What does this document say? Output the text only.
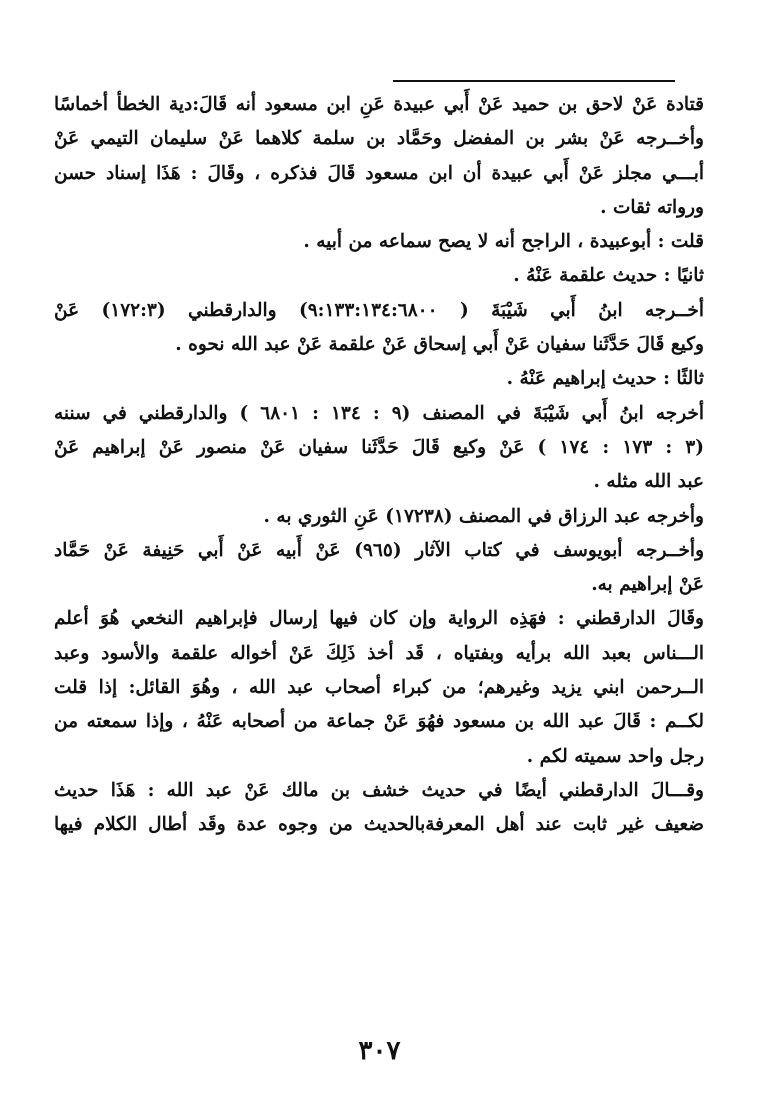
قتادة عَنْ لاحق بن حميد عَنْ أَبي عبيدة عَنِ ابن مسعود أنه قَالَ:دية الخطأ أخماسًا
وأخــرجه عَنْ بشر بن المفضل وحَمَّاد بن سلمة كلاهما عَنْ سليمان التيمي عَنْ
أبـــي مجلز عَنْ أَبي عبيدة أن ابن مسعود قَالَ فذكره ، وقَالَ : هَذَا إسناد حسن
ورواته ثقات .
قلت : أبوعبيدة ، الراجح أنه لا يصح سماعه من أبيه .
ثانيًا : حديث علقمة عَنْهُ .
أخــرجه ابنُ أَبي شَيْبَةَ ( ٩:١٣٣:١٣٤:٦٨٠٠) والدارقطني (١٧٢:٣) عَنْ
وكيع قَالَ حَدَّثَنا سفيان عَنْ أَبي إسحاق عَنْ علقمة عَنْ عبد الله نحوه .
ثالثًا : حديث إبراهيم عَنْهُ .
أخرجه ابنُ أَبي شَيْبَةَ في المصنف (٩ : ١٣٤ : ٦٨٠١ ) والدارقطني في سننه
(٣ : ١٧٣ : ١٧٤ ) عَنْ وكيع قَالَ حَدَّثَنا سفيان عَنْ منصور عَنْ إبراهيم عَنْ
عبد الله مثله .
وأخرجه عبد الرزاق في المصنف (١٧٢٣٨) عَنِ الثوري به .
وأخــرجه أبويوسف في كتاب الآثار (٩٦٥) عَنْ أَبيه عَنْ أَبي حَنِيفة عَنْ حَمَّاد
عَنْ إبراهيم به.
وقَالَ الدارقطني : فهَذِه الرواية وإن كان فيها إرسال فإبراهيم النخعي هُوَ أعلم
الـــناس بعبد الله برأيه وبفتياه ، قَد أخذ ذَلِكَ عَنْ أخواله علقمة والأسود وعبد
الــرحمن ابني يزيد وغيرهم؛ من كبراء أصحاب عبد الله ، وهُوَ القائل: إذا قلت
لكــم : قَالَ عبد الله بن مسعود فهُوَ عَنْ جماعة من أصحابه عَنْهُ ، وإذا سمعته من
رجل واحد سميته لكم .
وقـــالَ الدارقطني أيضًا في حديث خشف بن مالك عَنْ عبد الله : هَذَا حديث
ضعيف غير ثابت عند أهل المعرفةبالحديث من وجوه عدة وقَد أطال الكلام فيها
٣٠٧
